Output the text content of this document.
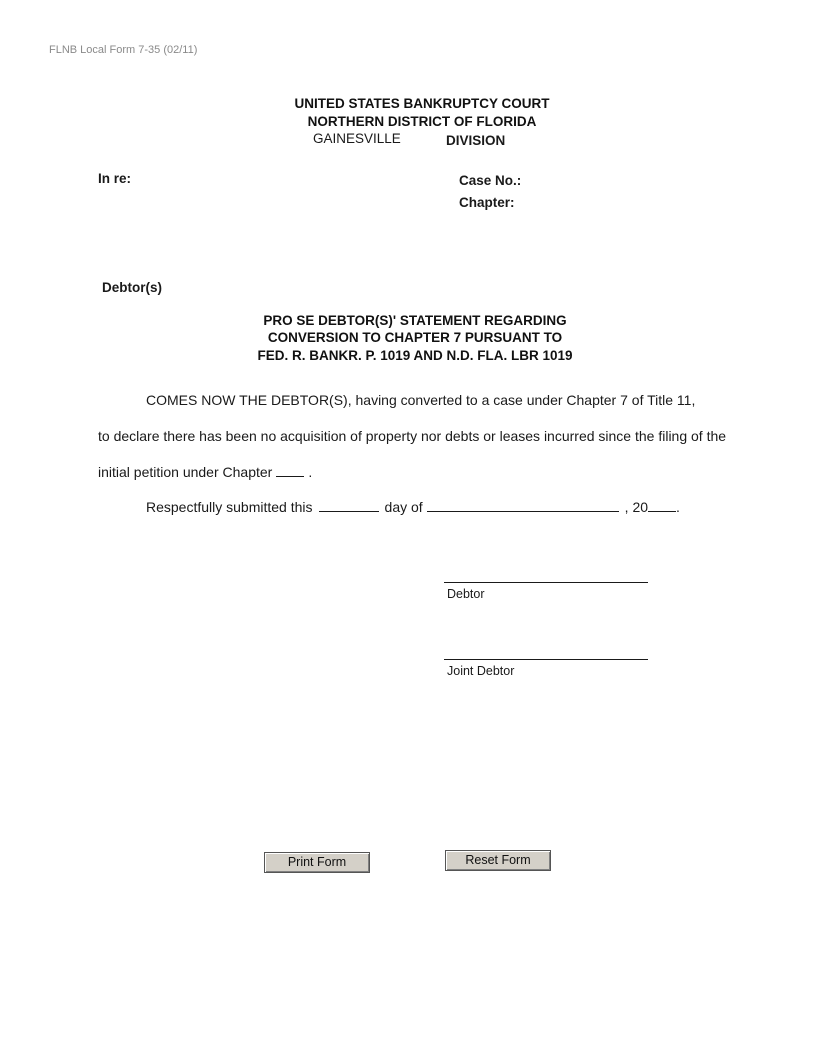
FLNB Local Form 7-35 (02/11)
UNITED STATES BANKRUPTCY COURT
NORTHERN DISTRICT OF FLORIDA
GAINESVILLE	DIVISION
In re:	Case No.:
Chapter:
Debtor(s)
PRO SE DEBTOR(S)' STATEMENT REGARDING
CONVERSION TO CHAPTER 7 PURSUANT TO
FED. R. BANKR. P. 1019 AND N.D. FLA. LBR 1019
COMES NOW THE DEBTOR(S), having converted to a case under Chapter 7 of Title 11,
to declare there has been no acquisition of property nor debts or leases incurred since the filing of the
initial petition under Chapter	.
Respectfully submitted this	day of	, 20 .
Debtor
Joint Debtor
Print Form	Reset Form
